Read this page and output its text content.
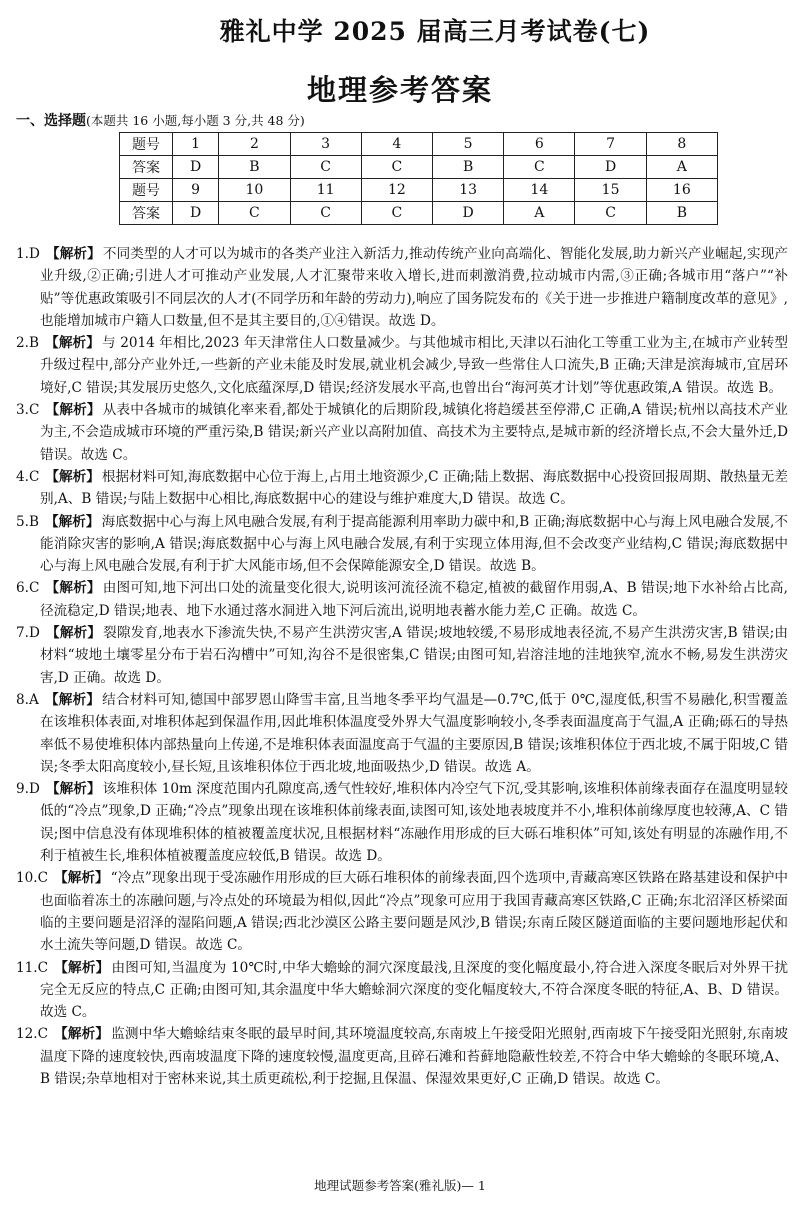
雅礼中学 2025 届高三月考试卷(七)
地理参考答案
一、选择题(本题共 16 小题,每小题 3 分,共 48 分)
题号	1	2	3	4	5	6	7	8
答案	D	B	C	C	B	C	D	A
题号	9	10	11	12	13	14	15	16
答案	D	C	C	C	D	A	C	B
1.D 【解析】 不同类型的人才可以为城市的各类产业注入新活力,推动传统产业向高端化、智能化发展,助力新兴产业崛起,实现产业升级,②正确;引进人才可推动产业发展,人才汇聚带来收入增长,进而刺激消费,拉动城市内需,③正确;各城市用“落户”“补贴”等优惠政策吸引不同层次的人才(不同学历和年龄的劳动力),响应了国务院发布的《关于进一步推进户籍制度改革的意见》,也能增加城市户籍人口数量,但不是其主要目的,①④错误。故选 D。
2.B 【解析】 与 2014 年相比,2023 年天津常住人口数量减少。与其他城市相比,天津以石油化工等重工业为主,在城市产业转型升级过程中,部分产业外迁,一些新的产业未能及时发展,就业机会减少,导致一些常住人口流失,B 正确;天津是滨海城市,宜居环境好,C 错误;其发展历史悠久,文化底蕴深厚,D 错误;经济发展水平高,也曾出台“海河英才计划”等优惠政策,A 错误。故选 B。
3.C 【解析】 从表中各城市的城镇化率来看,都处于城镇化的后期阶段,城镇化将趋缓甚至停滞,C 正确,A 错误;杭州以高技术产业为主,不会造成城市环境的严重污染,B 错误;新兴产业以高附加值、高技术为主要特点,是城市新的经济增长点,不会大量外迁,D 错误。故选 C。
4.C 【解析】 根据材料可知,海底数据中心位于海上,占用土地资源少,C 正确;陆上数据、海底数据中心投资回报周期、散热量无差别,A、B 错误;与陆上数据中心相比,海底数据中心的建设与维护难度大,D 错误。故选 C。
5.B 【解析】 海底数据中心与海上风电融合发展,有利于提高能源利用率助力碳中和,B 正确;海底数据中心与海上风电融合发展,不能消除灾害的影响,A 错误;海底数据中心与海上风电融合发展,有利于实现立体用海,但不会改变产业结构,C 错误;海底数据中心与海上风电融合发展,有利于扩大风能市场,但不会保障能源安全,D 错误。故选 B。
6.C 【解析】 由图可知,地下河出口处的流量变化很大,说明该河流径流不稳定,植被的截留作用弱,A、B 错误;地下水补给占比高,径流稳定,D 错误;地表、地下水通过落水洞进入地下河后流出,说明地表蓄水能力差,C 正确。故选 C。
7.D 【解析】 裂隙发育,地表水下渗流失快,不易产生洪涝灾害,A 错误;坡地较缓,不易形成地表径流,不易产生洪涝灾害,B 错误;由材料“坡地土壤零星分布于岩石沟槽中”可知,沟谷不是很密集,C 错误;由图可知,岩溶洼地的洼地狭窄,流水不畅,易发生洪涝灾害,D 正确。故选 D。
8.A 【解析】 结合材料可知,德国中部罗恩山降雪丰富,且当地冬季平均气温是—0.7℃,低于 0℃,湿度低,积雪不易融化,积雪覆盖在该堆积体表面,对堆积体起到保温作用,因此堆积体温度受外界大气温度影响较小,冬季表面温度高于气温,A 正确;砾石的导热率低不易使堆积体内部热量向上传递,不是堆积体表面温度高于气温的主要原因,B 错误;该堆积体位于西北坡,不属于阳坡,C 错误;冬季太阳高度较小,昼长短,且该堆积体位于西北坡,地面吸热少,D 错误。故选 A。
9.D 【解析】 该堆积体 10m 深度范围内孔隙度高,透气性较好,堆积体内冷空气下沉,受其影响,该堆积体前缘表面存在温度明显较低的“冷点”现象,D 正确;“冷点”现象出现在该堆积体前缘表面,读图可知,该处地表坡度并不小,堆积体前缘厚度也较薄,A、C 错误;图中信息没有体现堆积体的植被覆盖度状况,且根据材料“冻融作用形成的巨大砾石堆积体”可知,该处有明显的冻融作用,不利于植被生长,堆积体植被覆盖度应较低,B 错误。故选 D。
10.C 【解析】 “冷点”现象出现于受冻融作用形成的巨大砾石堆积体的前缘表面,四个选项中,青藏高寒区铁路在路基建设和保护中也面临着冻土的冻融问题,与冷点处的环境最为相似,因此“冷点”现象可应用于我国青藏高寒区铁路,C 正确;东北沼泽区桥梁面临的主要问题是沼泽的湿陷问题,A 错误;西北沙漠区公路主要问题是风沙,B 错误;东南丘陵区隧道面临的主要问题地形起伏和水土流失等问题,D 错误。故选 C。
11.C 【解析】 由图可知,当温度为 10℃时,中华大蟾蜍的洞穴深度最浅,且深度的变化幅度最小,符合进入深度冬眠后对外界干扰完全无反应的特点,C 正确;由图可知,其余温度中华大蟾蜍洞穴深度的变化幅度较大,不符合深度冬眠的特征,A、B、D 错误。故选 C。
12.C 【解析】 监测中华大蟾蜍结束冬眠的最早时间,其环境温度较高,东南坡上午接受阳光照射,西南坡下午接受阳光照射,东南坡温度下降的速度较快,西南坡温度下降的速度较慢,温度更高,且碎石滩和苔藓地隐蔽性较差,不符合中华大蟾蜍的冬眠环境,A、B 错误;杂草地相对于密林来说,其土质更疏松,利于挖掘,且保温、保湿效果更好,C 正确,D 错误。故选 C。
地理试题参考答案(雅礼版)— 1
